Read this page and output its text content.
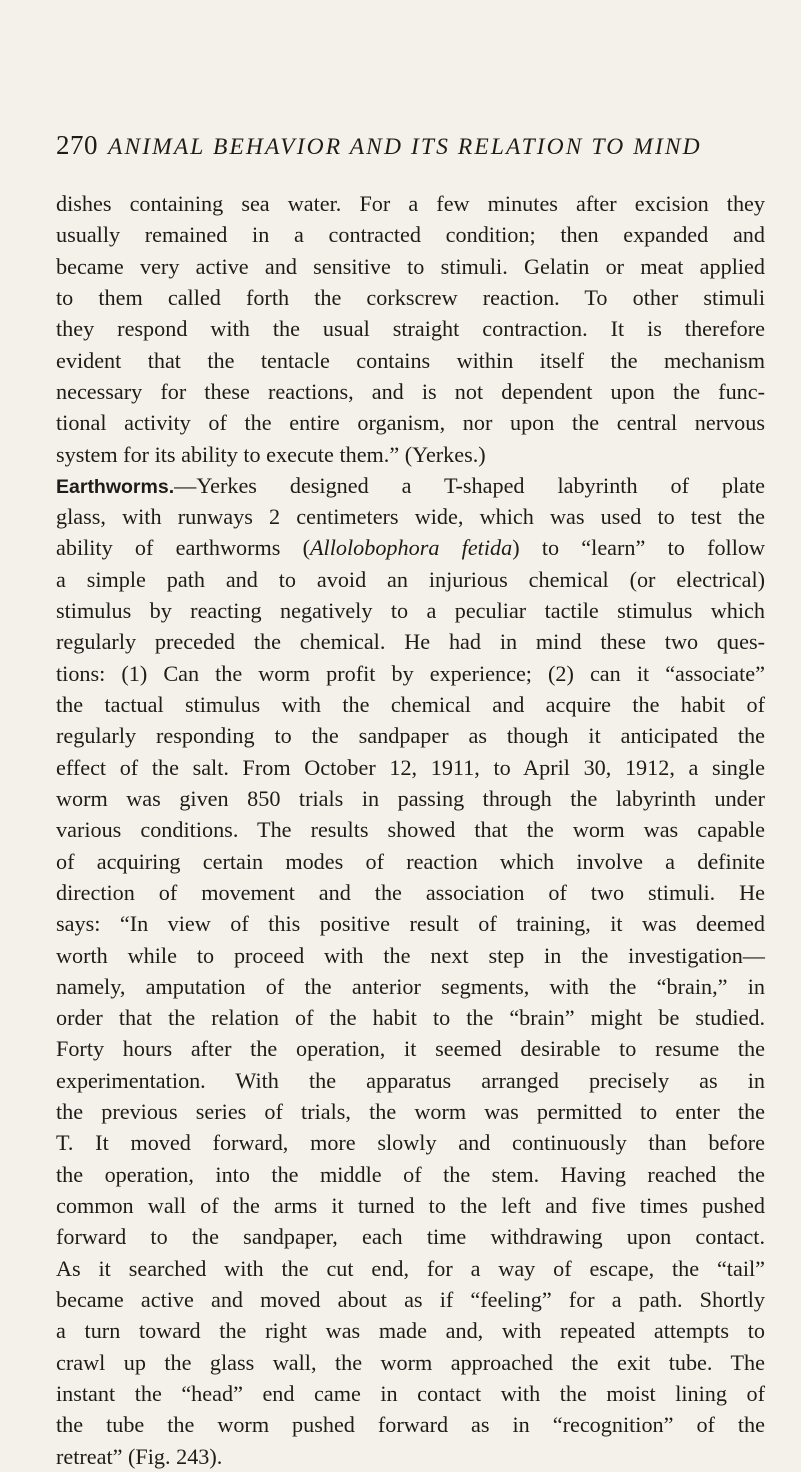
270 ANIMAL BEHAVIOR AND ITS RELATION TO MIND
dishes containing sea water. For a few minutes after excision they
usually remained in a contracted condition; then expanded and
became very active and sensitive to stimuli. Gelatin or meat applied
to them called forth the corkscrew reaction. To other stimuli
they respond with the usual straight contraction. It is therefore
evident that the tentacle contains within itself the mechanism
necessary for these reactions, and is not dependent upon the func-
tional activity of the entire organism, nor upon the central nervous
system for its ability to execute them.” (Yerkes.)
Earthworms.—Yerkes designed a T-shaped labyrinth of plate
glass, with runways 2 centimeters wide, which was used to test the
ability of earthworms (Allolobophora fetida) to “learn” to follow
a simple path and to avoid an injurious chemical (or electrical)
stimulus by reacting negatively to a peculiar tactile stimulus which
regularly preceded the chemical. He had in mind these two ques-
tions: (1) Can the worm profit by experience; (2) can it “associate”
the tactual stimulus with the chemical and acquire the habit of
regularly responding to the sandpaper as though it anticipated the
effect of the salt. From October 12, 1911, to April 30, 1912, a single
worm was given 850 trials in passing through the labyrinth under
various conditions. The results showed that the worm was capable
of acquiring certain modes of reaction which involve a definite
direction of movement and the association of two stimuli. He
says: “In view of this positive result of training, it was deemed
worth while to proceed with the next step in the investigation—
namely, amputation of the anterior segments, with the “brain,” in
order that the relation of the habit to the “brain” might be studied.
Forty hours after the operation, it seemed desirable to resume the
experimentation. With the apparatus arranged precisely as in
the previous series of trials, the worm was permitted to enter the
T. It moved forward, more slowly and continuously than before
the operation, into the middle of the stem. Having reached the
common wall of the arms it turned to the left and five times pushed
forward to the sandpaper, each time withdrawing upon contact.
As it searched with the cut end, for a way of escape, the “tail”
became active and moved about as if “feeling” for a path. Shortly
a turn toward the right was made and, with repeated attempts to
crawl up the glass wall, the worm approached the exit tube. The
instant the “head” end came in contact with the moist lining of
the tube the worm pushed forward as in “recognition” of the
retreat” (Fig. 243).
